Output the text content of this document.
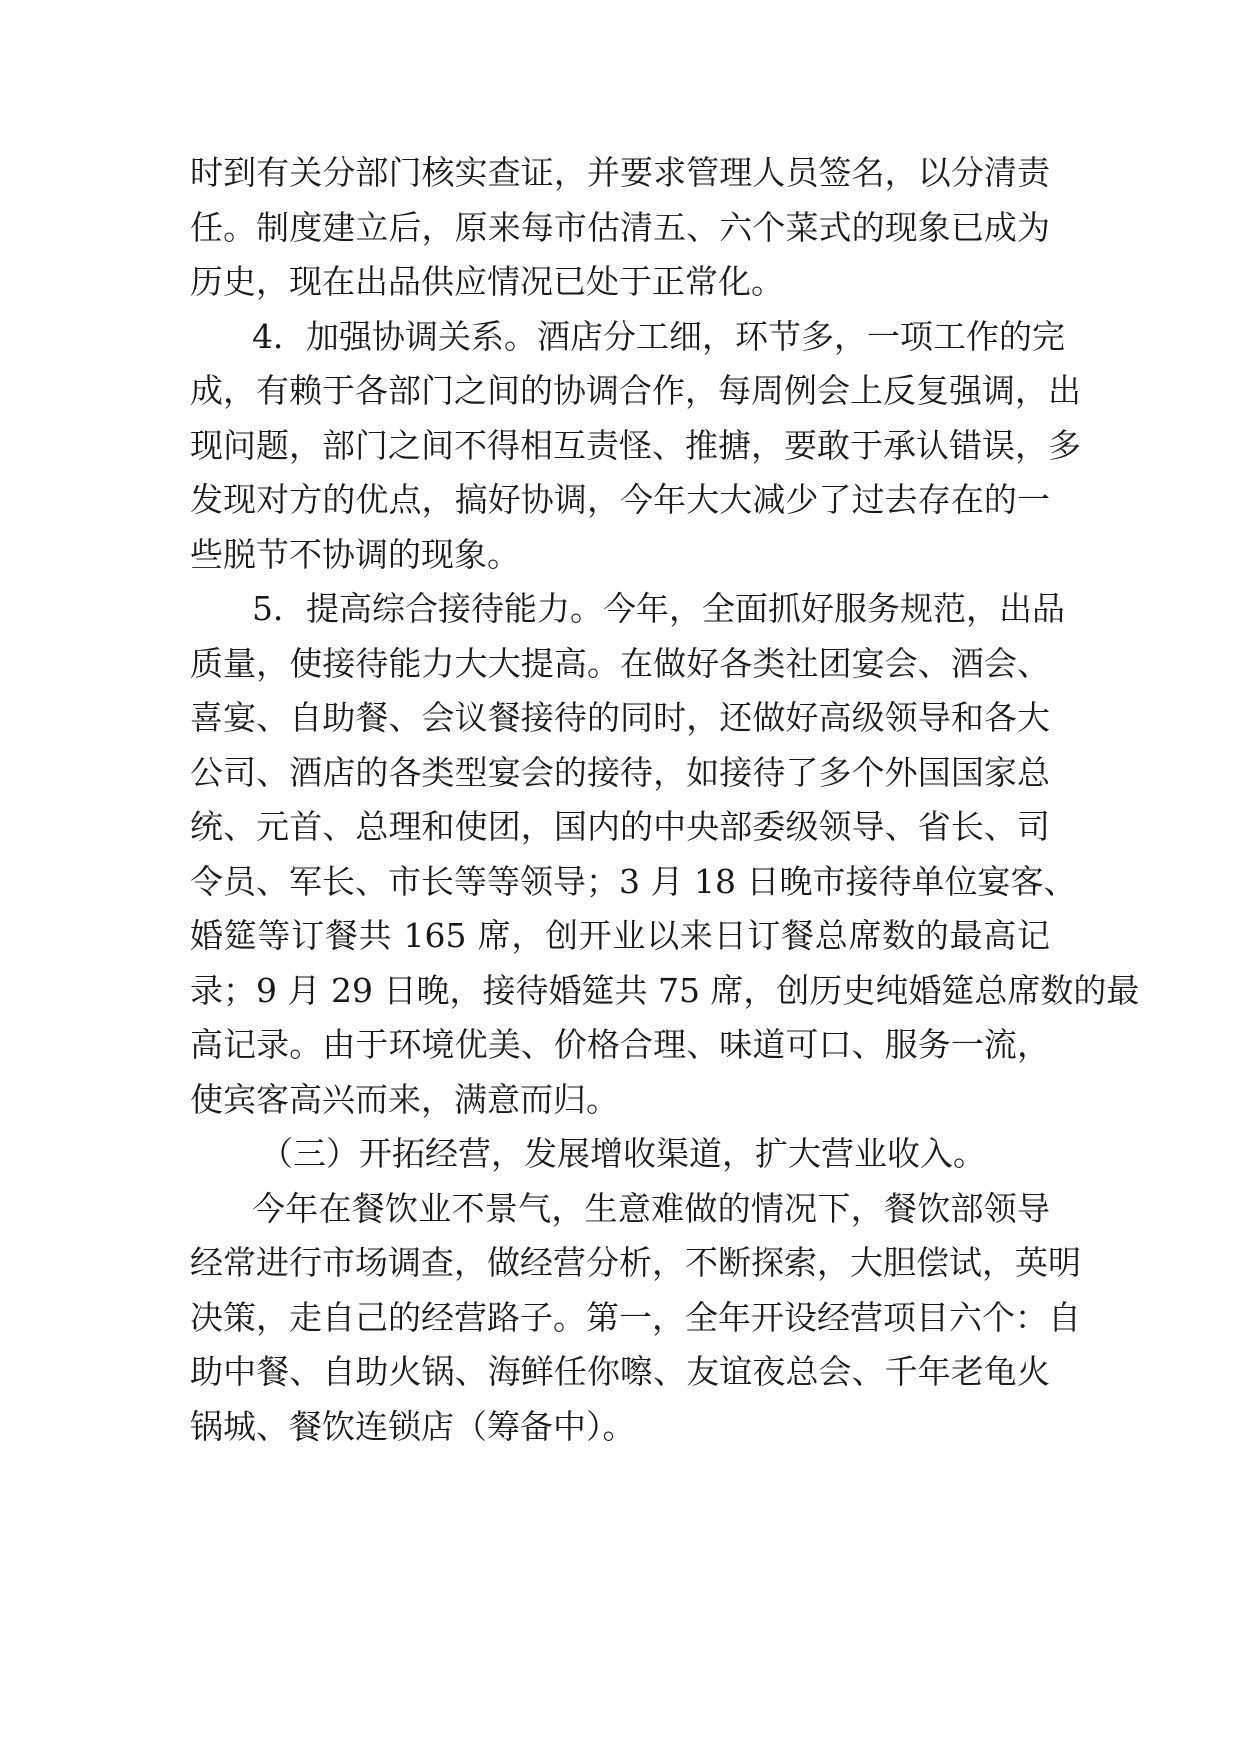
时到有关分部门核实查证，并要求管理人员签名，以分清责
任。制度建立后，原来每市估清五、六个菜式的现象已成为
历史，现在出品供应情况已处于正常化。
4．加强协调关系。酒店分工细，环节多，一项工作的完
成，有赖于各部门之间的协调合作，每周例会上反复强调，出
现问题，部门之间不得相互责怪、推搪，要敢于承认错误，多
发现对方的优点，搞好协调，今年大大减少了过去存在的一
些脱节不协调的现象。
5．提高综合接待能力。今年，全面抓好服务规范，出品
质量，使接待能力大大提高。在做好各类社团宴会、酒会、
喜宴、自助餐、会议餐接待的同时，还做好高级领导和各大
公司、酒店的各类型宴会的接待，如接待了多个外国国家总
统、元首、总理和使团，国内的中央部委级领导、省长、司
令员、军长、市长等等领导；3 月 18 日晚市接待单位宴客、
婚筵等订餐共 165 席，创开业以来日订餐总席数的最高记
录；9 月 29 日晚，接待婚筵共 75 席，创历史纯婚筵总席数的最
高记录。由于环境优美、价格合理、味道可口、服务一流，
使宾客高兴而来，满意而归。
（三）开拓经营，发展增收渠道，扩大营业收入。
今年在餐饮业不景气，生意难做的情况下，餐饮部领导
经常进行市场调查，做经营分析，不断探索，大胆偿试，英明
决策，走自己的经营路子。第一，全年开设经营项目六个：自
助中餐、自助火锅、海鲜任你嚓、友谊夜总会、千年老龟火
锅城、餐饮连锁店（筹备中）。
